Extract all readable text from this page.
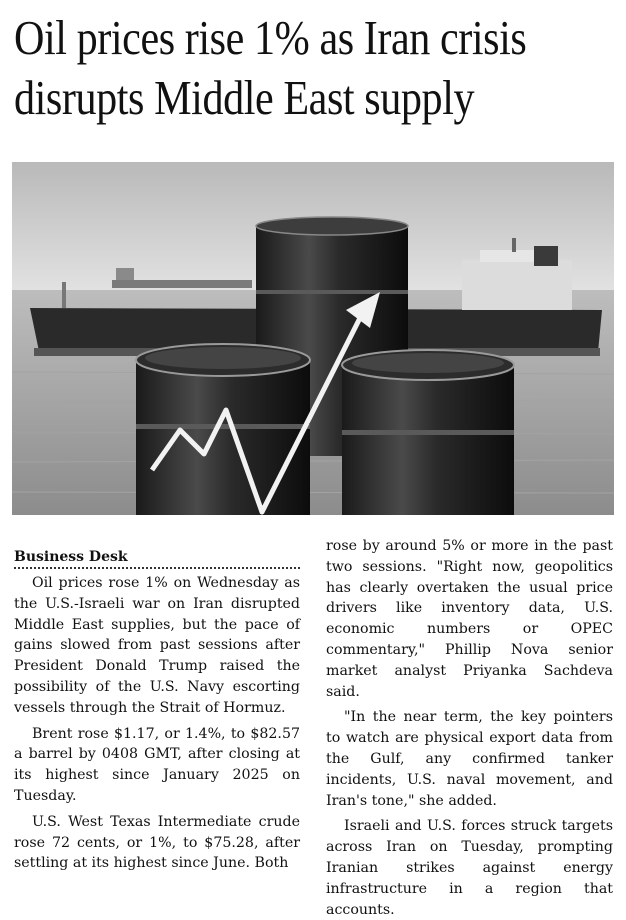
Oil prices rise 1% as Iran crisis
disrupts Middle East supply

Business Desk

Oil prices rose 1% on Wednesday as the U.S.-Israeli war on Iran disrupted Middle East supplies, but the pace of gains slowed from past sessions after President Donald Trump raised the possibility of the U.S. Navy escorting vessels through the Strait of Hormuz.

Brent rose $1.17, or 1.4%, to $82.57 a barrel by 0408 GMT, after closing at its highest since January 2025 on Tuesday.

U.S. West Texas Intermediate crude rose 72 cents, or 1%, to $75.28, after settling at its highest since June. Both

rose by around 5% or more in the past two sessions. "Right now, geopolitics has clearly overtaken the usual price drivers like inventory data, U.S. economic numbers or OPEC commentary," Phillip Nova senior market analyst Priyanka Sachdeva said.

"In the near term, the key pointers to watch are physical export data from the Gulf, any confirmed tanker incidents, U.S. naval movement, and Iran's tone," she added.

Israeli and U.S. forces struck targets across Iran on Tuesday, prompting Iranian strikes against energy infrastructure in a region that accounts.
